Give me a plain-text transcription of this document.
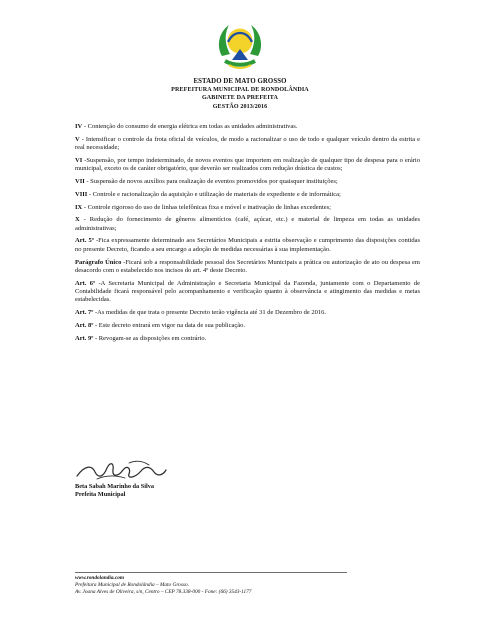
ESTADO DE MATO GROSSO
PREFEITURA MUNICIPAL DE RONDOLÂNDIA
GABINETE DA PREFEITA
GESTÃO 2013/2016

IV - Contenção do consumo de energia elétrica em todas as unidades administrativas.

V - Intensificar o controle da frota oficial de veículos, de modo a racionalizar o uso de todo e qualquer veículo dentro da estrita e real necessidade;

VI -Suspensão, por tempo indeterminado, de novos eventos que importem em realização de qualquer tipo de despesa para o erário municipal, exceto os de caráter obrigatório, que deverão ser realizados com redução drástica de custos;

VII - Suspensão de novos auxílios para realização de eventos promovidos por quaisquer instituições;

VIII - Controle e racionalização da aquisição e utilização de materiais de expediente e de informática;

IX - Controle rigoroso do uso de linhas telefônicas fixa e móvel e inativação de linhas excedentes;

X - Redução do fornecimento de gêneros alimentícios (café, açúcar, etc.) e material de limpeza em todas as unidades administrativas;

Art. 5º -Fica expressamente determinado aos Secretários Municipais a estrita observação e cumprimento das disposições contidas no presente Decreto, ficando a seu encargo a adoção de medidas necessárias à sua implementação.

Parágrafo Único -Ficará sob a responsabilidade pessoal dos Secretários Municipais a prática ou autorização de ato ou despesa em desacordo com o estabelecido nos incisos do art. 4º deste Decreto.

Art. 6º -A Secretaria Municipal de Administração e Secretaria Municipal da Fazenda, juntamente com o Departamento de Contabilidade ficará responsável pelo acompanhamento e verificação quanto à observância e atingimento das medidas e metas estabelecidas.

Art. 7º -As medidas de que trata o presente Decreto terão vigência até 31 de Dezembro de 2016.

Art. 8º - Este decreto entrará em vigor na data de sua publicação.

Art. 9º - Revogam-se as disposições em contrário.

Beta Sabah Marinho da Silva
Prefeita Municipal
www.rondolandia.com
Prefeitura Municipal de Rondolândia – Mato Grosso.
Av. Joana Alves de Oliveira, s/n, Centro – CEP 78.338-000 - Fone: (66) 3543-1177
